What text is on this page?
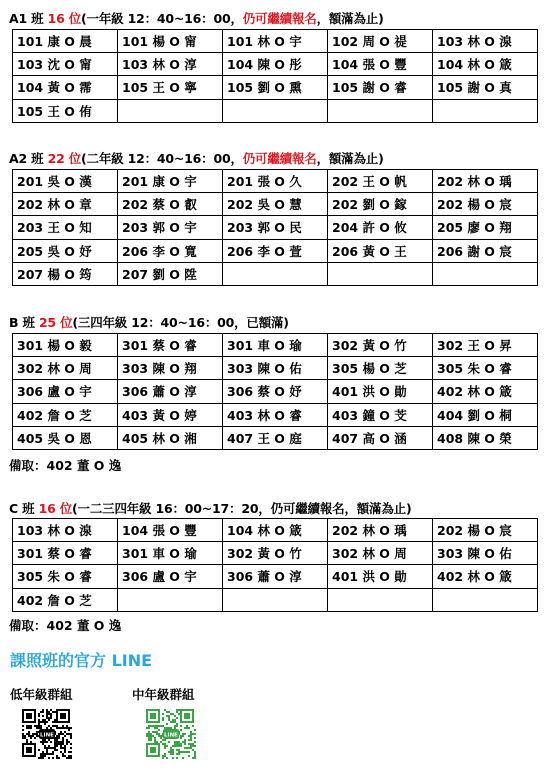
A1 班 16 位(一年級 12：40~16：00，仍可繼續報名，額滿為止)
101 康 O 晨	101 楊 O 甯	101 林 O 宇	102 周 O 禔	103 林 O 湶
103 沈 O 甯	103 林 O 淳	104 陳 O 彤	104 張 O 豐	104 林 O 箴
104 黃 O 霈	105 王 O 寧	105 劉 O 熏	105 謝 O 睿	105 謝 O 真
105 王 O 侑				
A2 班 22 位(二年級 12：40~16：00，仍可繼續報名，額滿為止)
201 吳 O 漢	201 康 O 宇	201 張 O 久	202 王 O 帆	202 林 O 瑀
202 林 O 章	202 蔡 O 叡	202 吳 O 慧	202 劉 O 鎵	202 楊 O 宸
203 王 O 知	203 郭 O 宇	203 郭 O 民	204 許 O 攸	205 廖 O 翔
205 吳 O 妤	206 李 O 寬	206 李 O 萱	206 黃 O 王	206 謝 O 宸
207 楊 O 筠	207 劉 O 陞			
B 班 25 位(三四年級 12：40~16：00，已額滿)
301 楊 O 毅	301 蔡 O 睿	301 車 O 瑜	302 黃 O 竹	302 王 O 昇
302 林 O 周	303 陳 O 翔	303 陳 O 佑	305 楊 O 芝	305 朱 O 睿
306 盧 O 宇	306 蕭 O 淳	306 蔡 O 妤	401 洪 O 勛	402 林 O 箴
402 詹 O 芝	403 黃 O 婷	403 林 O 睿	403 鐘 O 芠	404 劉 O 桐
405 吳 O 恩	405 林 O 湘	407 王 O 庭	407 高 O 涵	408 陳 O 榮
備取：402 董 O 逸
C 班 16 位(一二三四年級 16：00~17：20，仍可繼續報名，額滿為止)
103 林 O 湶	104 張 O 豐	104 林 O 箴	202 林 O 瑀	202 楊 O 宸
301 蔡 O 睿	301 車 O 瑜	302 黃 O 竹	302 林 O 周	303 陳 O 佑
305 朱 O 睿	306 盧 O 宇	306 蕭 O 淳	401 洪 O 勛	402 林 O 箴
402 詹 O 芝				
備取：402 董 O 逸
課照班的官方 LINE
低年級群組	中年級群組
LINE	LINE
